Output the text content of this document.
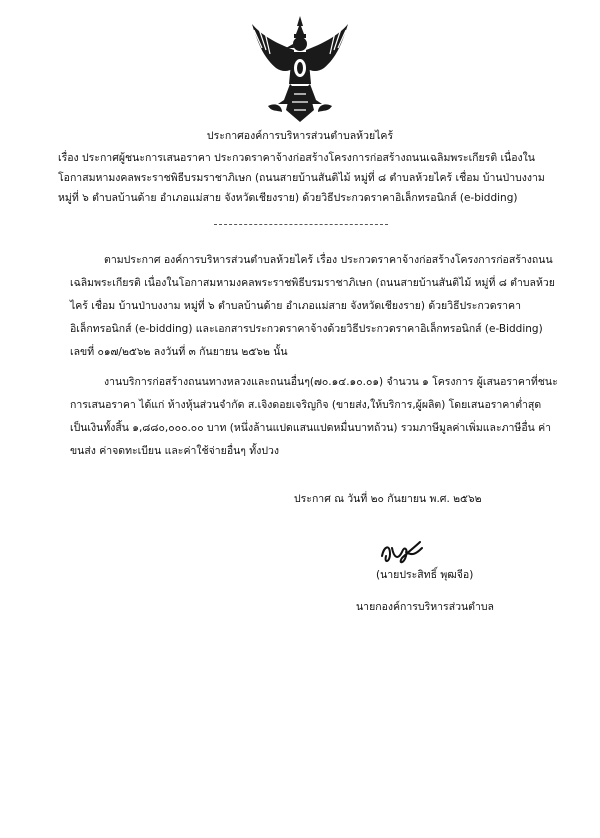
ประกาศองค์การบริหารส่วนตำบลห้วยไคร้
เรื่อง ประกาศผู้ชนะการเสนอราคา ประกวดราคาจ้างก่อสร้างโครงการก่อสร้างถนนเฉลิมพระเกียรติ เนื่องในโอกาสมหามงคลพระราชพิธีบรมราชาภิเษก (ถนนสายบ้านสันติไม้ หมู่ที่ ๘ ตำบลห้วยไคร้ เชื่อม บ้านป่าบงงาม หมู่ที่ ๖ ตำบลบ้านด้าย อำเภอแม่สาย จังหวัดเชียงราย) ด้วยวิธีประกวดราคาอิเล็กทรอนิกส์ (e-bidding)
ตามประกาศ องค์การบริหารส่วนตำบลห้วยไคร้ เรื่อง ประกวดราคาจ้างก่อสร้างโครงการก่อสร้างถนนเฉลิมพระเกียรติ เนื่องในโอกาสมหามงคลพระราชพิธีบรมราชาภิเษก (ถนนสายบ้านสันติไม้ หมู่ที่ ๘ ตำบลห้วยไคร้ เชื่อม บ้านป่าบงงาม หมู่ที่ ๖ ตำบลบ้านด้าย อำเภอแม่สาย จังหวัดเชียงราย) ด้วยวิธีประกวดราคาอิเล็กทรอนิกส์ (e-bidding) และเอกสารประกวดราคาจ้างด้วยวิธีประกวดราคาอิเล็กทรอนิกส์ (e-Bidding) เลขที่ ๐๑๗/๒๕๖๒ ลงวันที่ ๓ กันยายน ๒๕๖๒ นั้น
งานบริการก่อสร้างถนนทางหลวงและถนนอื่นๆ(๗๐.๑๔.๑๐.๐๑) จำนวน ๑ โครงการ ผู้เสนอราคาที่ชนะการเสนอราคา ได้แก่ ห้างหุ้นส่วนจำกัด ส.เจิงดอยเจริญกิจ (ขายส่ง,ให้บริการ,ผู้ผลิต) โดยเสนอราคาต่ำสุด เป็นเงินทั้งสิ้น ๑,๘๘๐,๐๐๐.๐๐ บาท (หนึ่งล้านแปดแสนแปดหมื่นบาทถ้วน) รวมภาษีมูลค่าเพิ่มและภาษีอื่น ค่าขนส่ง ค่าจดทะเบียน และค่าใช้จ่ายอื่นๆ ทั้งปวง
ประกาศ ณ วันที่ ๒๐ กันยายน พ.ศ. ๒๕๖๒
(นายประสิทธิ์ พุฒจีอ)
นายกองค์การบริหารส่วนตำบล
